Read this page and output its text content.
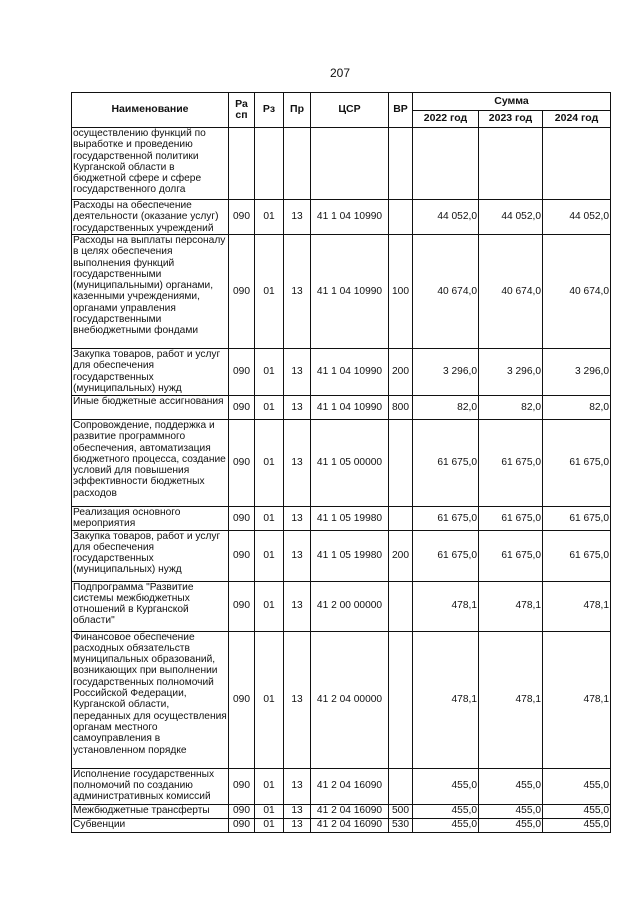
207
Наименование	Ра сп	Рз	Пр	ЦСР	ВР	Сумма		
						2022 год	2023 год	2024 год
осуществлению функций по выработке и проведению государственной политики Курганской области в бюджетной сфере и сфере государственного долга								
Расходы на обеспечение деятельности (оказание услуг) государственных учреждений	090	01	13	41 1 04 10990		44 052,0	44 052,0	44 052,0
Расходы на выплаты персоналу в целях обеспечения выполнения функций государственными (муниципальными) органами, казенными учреждениями, органами управления государственными внебюджетными фондами	090	01	13	41 1 04 10990	100	40 674,0	40 674,0	40 674,0
Закупка товаров, работ и услуг для обеспечения государственных (муниципальных) нужд	090	01	13	41 1 04 10990	200	3 296,0	3 296,0	3 296,0
Иные бюджетные ассигнования	090	01	13	41 1 04 10990	800	82,0	82,0	82,0
Сопровождение, поддержка и развитие программного обеспечения, автоматизация бюджетного процесса, создание условий для повышения эффективности бюджетных расходов	090	01	13	41 1 05 00000		61 675,0	61 675,0	61 675,0
Реализация основного мероприятия	090	01	13	41 1 05 19980		61 675,0	61 675,0	61 675,0
Закупка товаров, работ и услуг для обеспечения государственных (муниципальных) нужд	090	01	13	41 1 05 19980	200	61 675,0	61 675,0	61 675,0
Подпрограмма "Развитие системы межбюджетных отношений в Курганской области"	090	01	13	41 2 00 00000		478,1	478,1	478,1
Финансовое обеспечение расходных обязательств муниципальных образований, возникающих при выполнении государственных полномочий Российской Федерации, Курганской области, переданных для осуществления органам местного самоуправления в установленном порядке	090	01	13	41 2 04 00000		478,1	478,1	478,1
Исполнение государственных полномочий по созданию административных комиссий	090	01	13	41 2 04 16090		455,0	455,0	455,0
Межбюджетные трансферты	090	01	13	41 2 04 16090	500	455,0	455,0	455,0
Субвенции	090	01	13	41 2 04 16090	530	455,0	455,0	455,0
